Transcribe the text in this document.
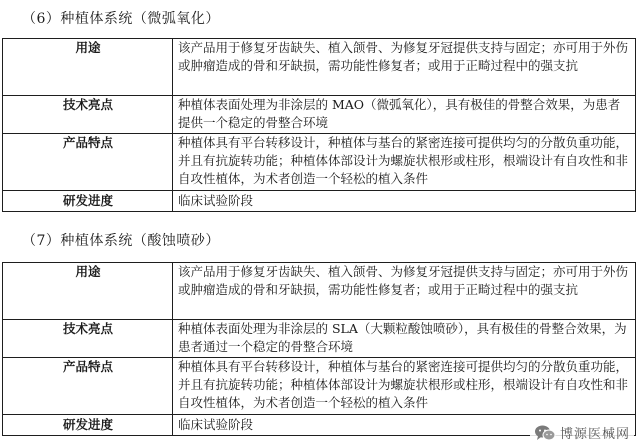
（6）种植体系统（微弧氧化）
用途	该产品用于修复牙齿缺失、植入颌骨、为修复牙冠提供支持与固定；亦可用于外伤或肿瘤造成的骨和牙缺损，需功能性修复者；或用于正畸过程中的强支抗
技术亮点	种植体表面处理为非涂层的 MAO（微弧氧化），具有极佳的骨整合效果，为患者提供一个稳定的骨整合环境
产品特点	种植体具有平台转移设计，种植体与基台的紧密连接可提供均匀的分散负重功能，并且有抗旋转功能；种植体体部设计为螺旋状根形或柱形，根端设计有自攻性和非自攻性植体，为术者创造一个轻松的植入条件
研发进度	临床试验阶段
（7）种植体系统（酸蚀喷砂）
用途	该产品用于修复牙齿缺失、植入颌骨、为修复牙冠提供支持与固定；亦可用于外伤或肿瘤造成的骨和牙缺损，需功能性修复者；或用于正畸过程中的强支抗
技术亮点	种植体表面处理为非涂层的 SLA（大颗粒酸蚀喷砂），具有极佳的骨整合效果，为患者通过一个稳定的骨整合环境
产品特点	种植体具有平台转移设计，种植体与基台的紧密连接可提供均匀的分散负重功能，并且有抗旋转功能；种植体体部设计为螺旋状根形或柱形，根端设计有自攻性和非自攻性植体，为术者创造一个轻松的植入条件
研发进度	临床试验阶段
博源医械网
